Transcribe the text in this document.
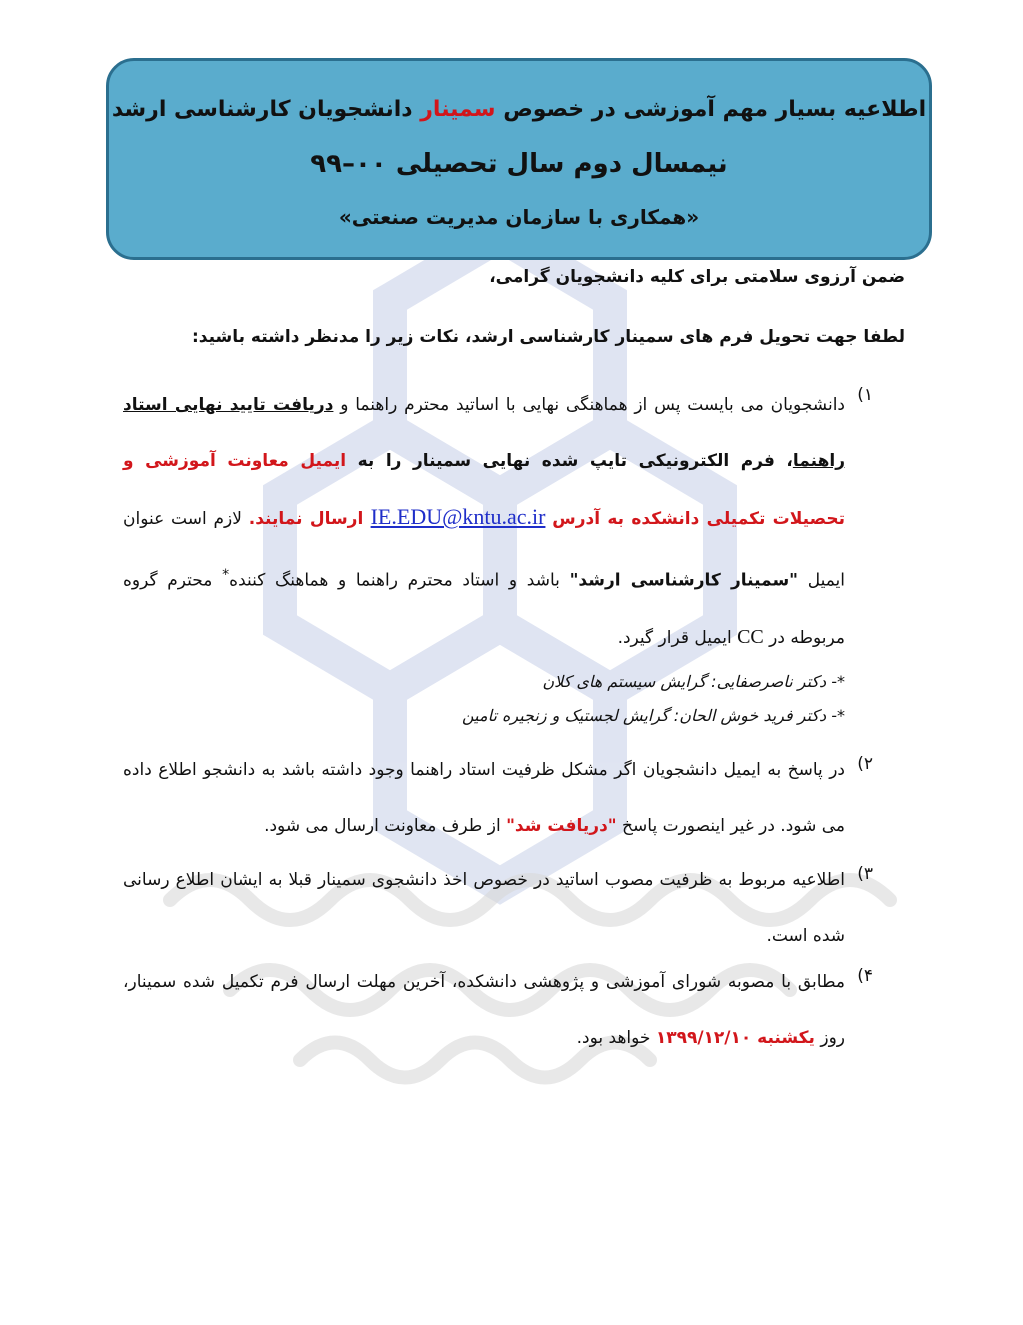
اطلاعیه بسیار مهم آموزشی در خصوص سمینار دانشجویان کارشناسی ارشد
نیمسال دوم سال تحصیلی ۰۰–۹۹
«همکاری با سازمان مدیریت صنعتی»
ضمن آرزوی سلامتی برای کلیه دانشجویان گرامی،
لطفا جهت تحویل فرم های سمینار کارشناسی ارشد، نکات زیر را مدنظر داشته باشید:
۱)
دانشجویان می بایست پس از هماهنگی نهایی با اساتید محترم راهنما و دریافت تایید نهایی استاد راهنما، فرم الکترونیکی تایپ شده نهایی سمینار را به ایمیل معاونت آموزشی و تحصیلات تکمیلی دانشکده به آدرس IE.EDU@kntu.ac.ir ارسال نمایند. لازم است عنوان ایمیل "سمینار کارشناسی ارشد" باشد و استاد محترم راهنما و هماهنگ کننده* محترم گروه مربوطه در CC ایمیل قرار گیرد.
*- دکتر ناصرصفایی: گرایش سیستم های کلان
*- دکتر فرید خوش الحان: گرایش لجستیک و زنجیره تامین
۲)
در پاسخ به ایمیل دانشجویان اگر مشکل ظرفیت استاد راهنما وجود داشته باشد به دانشجو اطلاع داده می شود. در غیر اینصورت پاسخ "دریافت شد" از طرف معاونت ارسال می شود.
۳)
اطلاعیه مربوط به ظرفیت مصوب اساتید در خصوص اخذ دانشجوی سمینار قبلا به ایشان اطلاع رسانی شده است.
۴)
مطابق با مصوبه شورای آموزشی و پژوهشی دانشکده، آخرین مهلت ارسال فرم تکمیل شده سمینار، روز یکشنبه ۱۳۹۹/۱۲/۱۰ خواهد بود.
